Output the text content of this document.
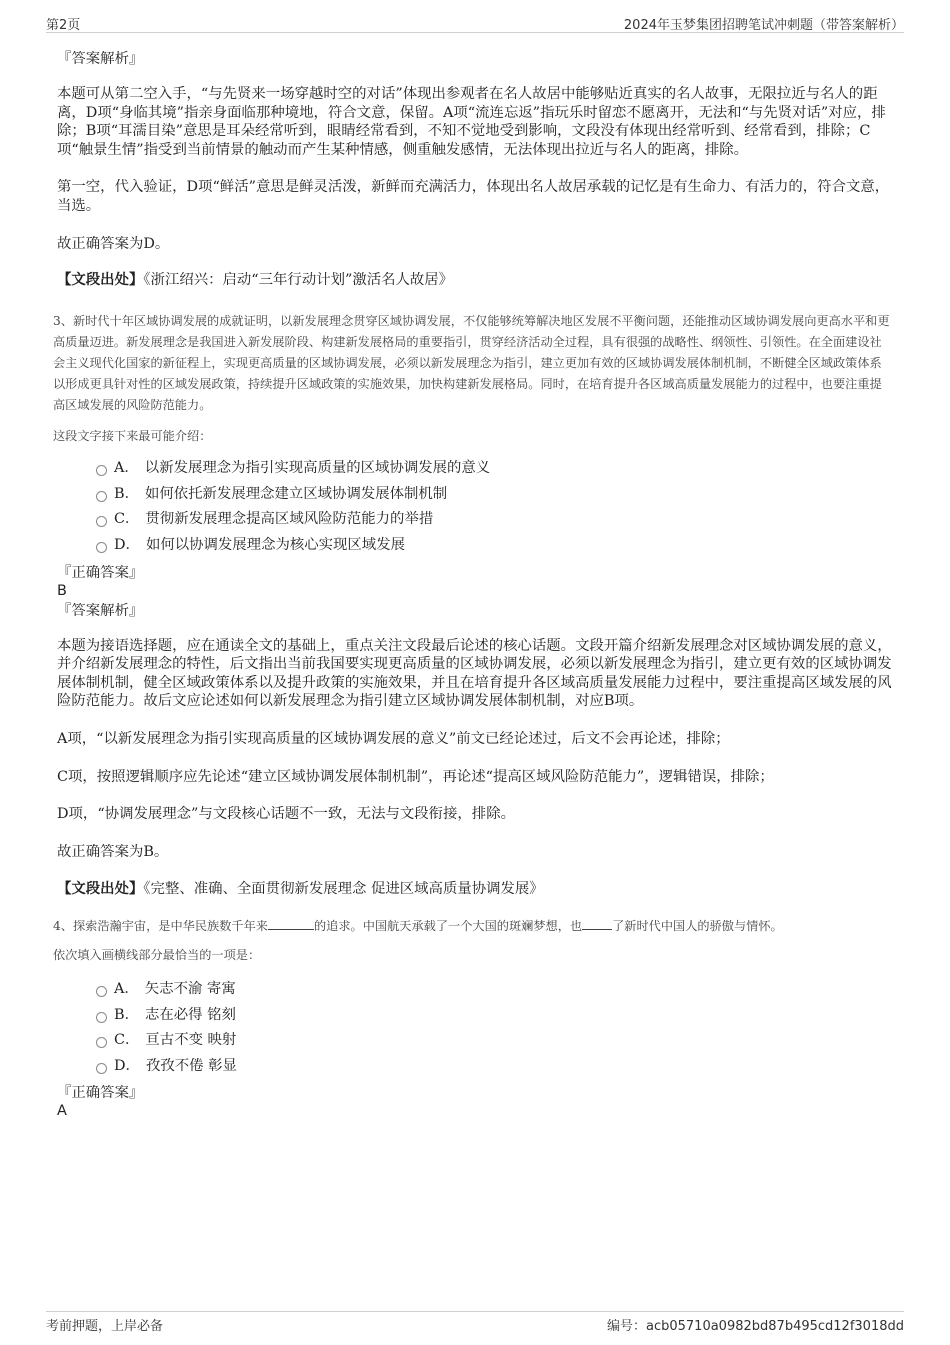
第2页	2024年玉梦集团招聘笔试冲刺题（带答案解析）

『答案解析』

本题可从第二空入手，“与先贤来一场穿越时空的对话”体现出参观者在名人故居中能够贴近真实的名人故事，无限拉近与名人的距离，D项“身临其境”指亲身面临那种境地，符合文意，保留。A项“流连忘返”指玩乐时留恋不愿离开，无法和“与先贤对话”对应，排除；B项“耳濡目染”意思是耳朵经常听到，眼睛经常看到，不知不觉地受到影响，文段没有体现出经常听到、经常看到，排除；C项“触景生情”指受到当前情景的触动而产生某种情感，侧重触发感情，无法体现出拉近与名人的距离，排除。

第一空，代入验证，D项“鲜活”意思是鲜灵活泼，新鲜而充满活力，体现出名人故居承载的记忆是有生命力、有活力的，符合文意，当选。

故正确答案为D。

【文段出处】《浙江绍兴：启动“三年行动计划”激活名人故居》

3、新时代十年区域协调发展的成就证明，以新发展理念贯穿区域协调发展，不仅能够统筹解决地区发展不平衡问题，还能推动区域协调发展向更高水平和更高质量迈进。新发展理念是我国进入新发展阶段、构建新发展格局的重要指引，贯穿经济活动全过程，具有很强的战略性、纲领性、引领性。在全面建设社会主义现代化国家的新征程上，实现更高质量的区域协调发展，必须以新发展理念为指引，建立更加有效的区域协调发展体制机制，不断健全区域政策体系以形成更具针对性的区域发展政策，持续提升区域政策的实施效果，加快构建新发展格局。同时，在培育提升各区域高质量发展能力的过程中，也要注重提高区域发展的风险防范能力。

这段文字接下来最可能介绍：

A． 以新发展理念为指引实现高质量的区域协调发展的意义
B． 如何依托新发展理念建立区域协调发展体制机制
C． 贯彻新发展理念提高区域风险防范能力的举措
D． 如何以协调发展理念为核心实现区域发展

『正确答案』

B

『答案解析』

本题为接语选择题，应在通读全文的基础上，重点关注文段最后论述的核心话题。文段开篇介绍新发展理念对区域协调发展的意义，并介绍新发展理念的特性，后文指出当前我国要实现更高质量的区域协调发展，必须以新发展理念为指引，建立更有效的区域协调发展体制机制，健全区域政策体系以及提升政策的实施效果，并且在培育提升各区域高质量发展能力过程中，要注重提高区域发展的风险防范能力。故后文应论述如何以新发展理念为指引建立区域协调发展体制机制，对应B项。

A项，“以新发展理念为指引实现高质量的区域协调发展的意义”前文已经论述过，后文不会再论述，排除；

C项，按照逻辑顺序应先论述“建立区域协调发展体制机制”，再论述“提高区域风险防范能力”，逻辑错误，排除；

D项，“协调发展理念”与文段核心话题不一致，无法与文段衔接，排除。

故正确答案为B。

【文段出处】《完整、准确、全面贯彻新发展理念 促进区域高质量协调发展》

4、探索浩瀚宇宙，是中华民族数千年来	的追求。中国航天承载了一个大国的斑斓梦想，也 了新时代中国人的骄傲与情怀。

依次填入画横线部分最恰当的一项是：

A． 矢志不渝 寄寓
B． 志在必得 铭刻
C． 亘古不变 映射
D． 孜孜不倦 彰显

『正确答案』

A

考前押题，上岸必备	编号：acb05710a0982bd87b495cd12f3018dd
